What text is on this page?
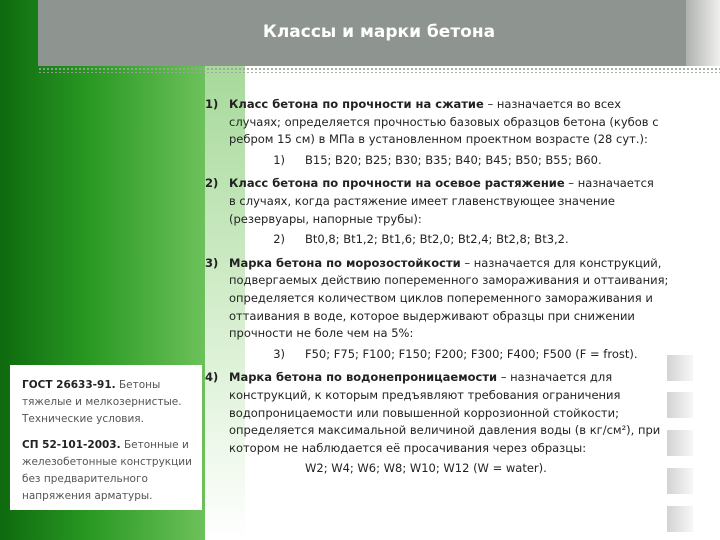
Классы и марки бетона
1) Класс бетона по прочности на сжатие – назначается во всех
случаях; определяется прочностью базовых образцов бетона (кубов с ребром 15 см) в МПа в установленном проектном возрасте (28 сут.):
1)	B15; B20; B25; B30; B35; B40; B45; B50; B55; B60.
2) Класс бетона по прочности на осевое растяжение – назначается
в случаях, когда растяжение имеет главенствующее значение (резервуары, напорные трубы):
2)	Bt0,8; Bt1,2; Bt1,6; Bt2,0; Bt2,4; Bt2,8; Bt3,2.
3) Марка бетона по морозостойкости – назначается для конструкций,
подвергаемых действию попеременного замораживания и оттаивания; определяется количеством циклов попеременного замораживания и оттаивания в воде, которое выдерживают образцы при снижении прочности не боле чем на 5%:
3)	F50; F75; F100; F150; F200; F300; F400; F500 (F = frost).
4) Марка бетона по водонепроницаемости – назначается для
конструкций, к которым предъявляют требования ограничения водопроницаемости или повышенной коррозионной стойкости; определяется максимальной величиной давления воды (в кг/см²), при котором не наблюдается её просачивания через образцы:
W2; W4; W6; W8; W10; W12 (W = water).

ГОСТ 26633-91. Бетоны тяжелые и мелкозернистые. Технические условия.

СП 52-101-2003. Бетонные и железобетонные конструкции без предварительного напряжения арматуры.
